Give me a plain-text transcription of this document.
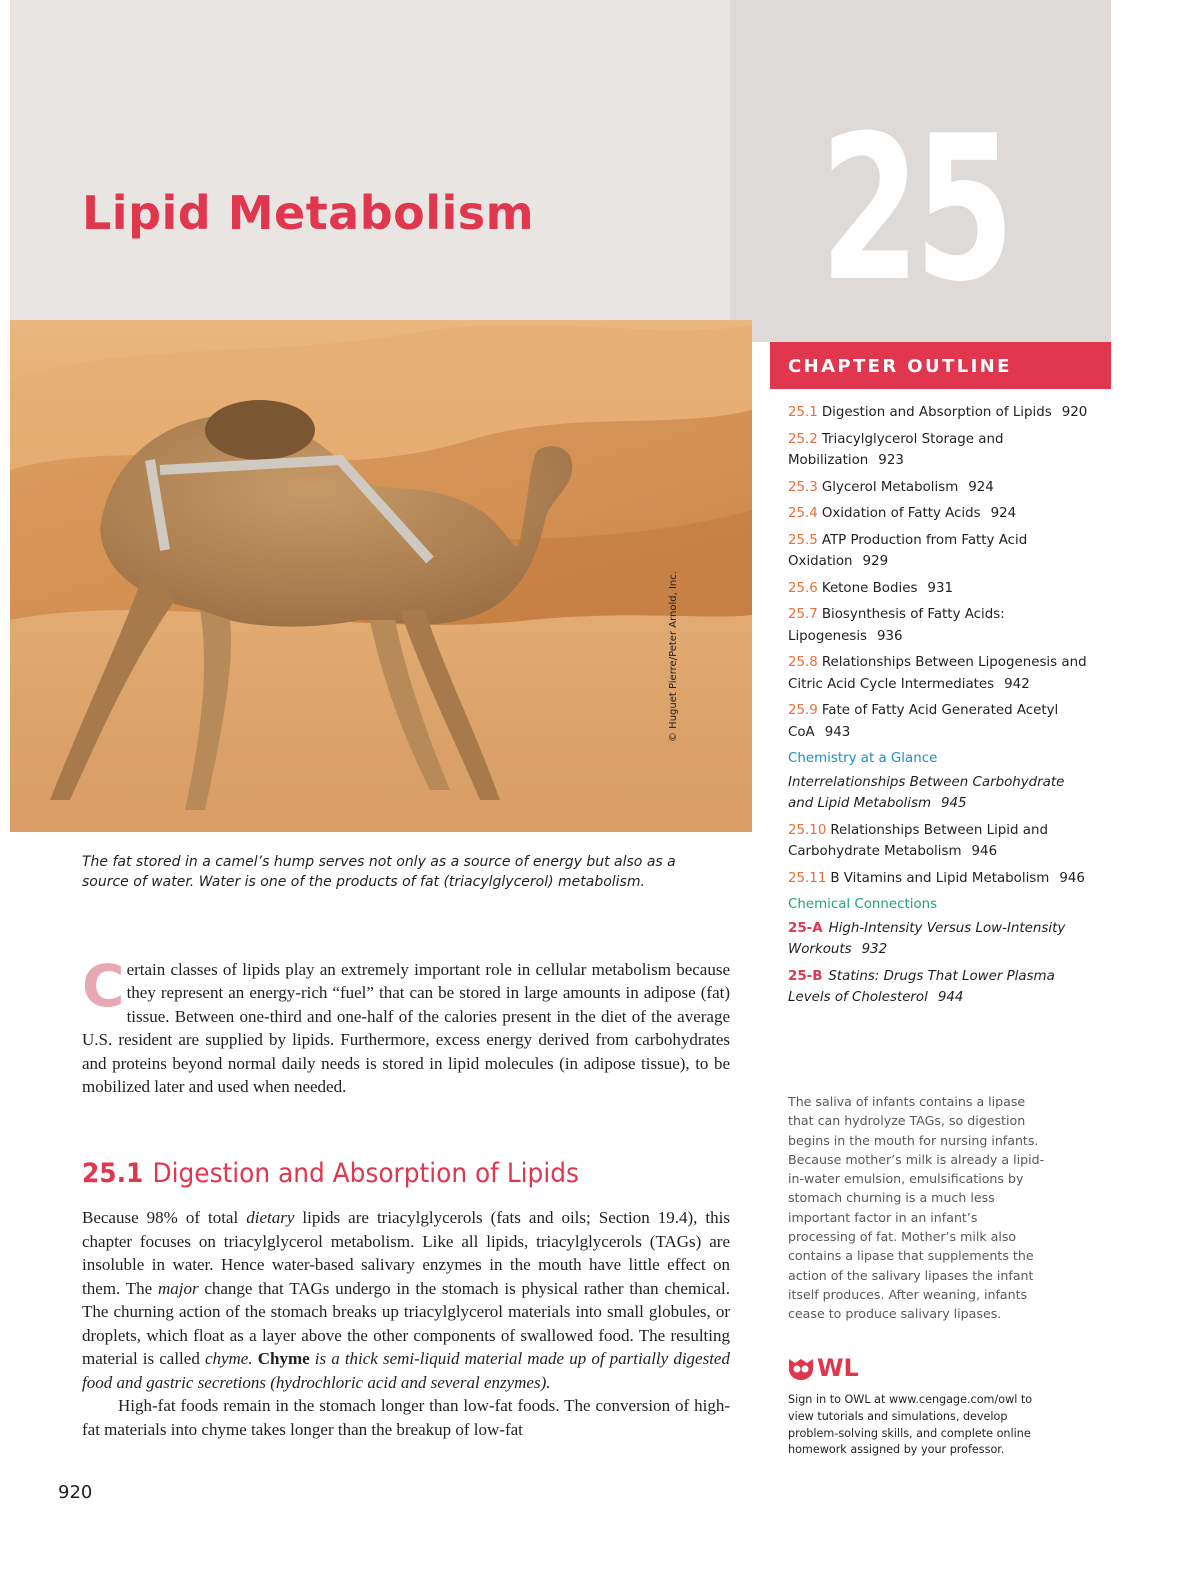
25
Lipid Metabolism
© Huguet Pierre/Peter Arnold, Inc.
The fat stored in a camel’s hump serves not only as a source of energy but also as a source of water. Water is one of the products of fat (triacylglycerol) metabolism.

Certain classes of lipids play an extremely important role in cellular metabolism because they represent an energy-rich “fuel” that can be stored in large amounts in adipose (fat) tissue. Between one-third and one-half of the calories present in the diet of the average U.S. resident are supplied by lipids. Furthermore, excess energy derived from carbohydrates and proteins beyond normal daily needs is stored in lipid molecules (in adipose tissue), to be mobilized later and used when needed.

25.1 Digestion and Absorption of Lipids

Because 98% of total dietary lipids are triacylglycerols (fats and oils; Section 19.4), this chapter focuses on triacylglycerol metabolism. Like all lipids, triacylglycerols (TAGs) are insoluble in water. Hence water-based salivary enzymes in the mouth have little effect on them. The major change that TAGs undergo in the stomach is physical rather than chemical. The churning action of the stomach breaks up triacylglycerol materials into small globules, or droplets, which float as a layer above the other components of swallowed food. The resulting material is called chyme. Chyme is a thick semi-liquid material made up of partially digested food and gastric secretions (hydrochloric acid and several enzymes).

High-fat foods remain in the stomach longer than low-fat foods. The conversion of high-fat materials into chyme takes longer than the breakup of low-fat

920
CHAPTER OUTLINE
25.1 Digestion and Absorption of Lipids 920
25.2 Triacylglycerol Storage and Mobilization 923
25.3 Glycerol Metabolism 924
25.4 Oxidation of Fatty Acids 924
25.5 ATP Production from Fatty Acid Oxidation 929
25.6 Ketone Bodies 931
25.7 Biosynthesis of Fatty Acids: Lipogenesis 936
25.8 Relationships Between Lipogenesis and Citric Acid Cycle Intermediates 942
25.9 Fate of Fatty Acid Generated Acetyl CoA 943
Chemistry at a Glance
Interrelationships Between Carbohydrate and Lipid Metabolism 945
25.10 Relationships Between Lipid and Carbohydrate Metabolism 946
25.11 B Vitamins and Lipid Metabolism 946
Chemical Connections
25-A High-Intensity Versus Low-Intensity Workouts 932
25-B Statins: Drugs That Lower Plasma Levels of Cholesterol 944
The saliva of infants contains a lipase that can hydrolyze TAGs, so digestion begins in the mouth for nursing infants. Because mother’s milk is already a lipid-in-water emulsion, emulsifications by stomach churning is a much less important factor in an infant’s processing of fat. Mother’s milk also contains a lipase that supplements the action of the salivary lipases the infant itself produces. After weaning, infants cease to produce salivary lipases.
WL
Sign in to OWL at www.cengage.com/owl to view tutorials and simulations, develop problem-solving skills, and complete online homework assigned by your professor.
